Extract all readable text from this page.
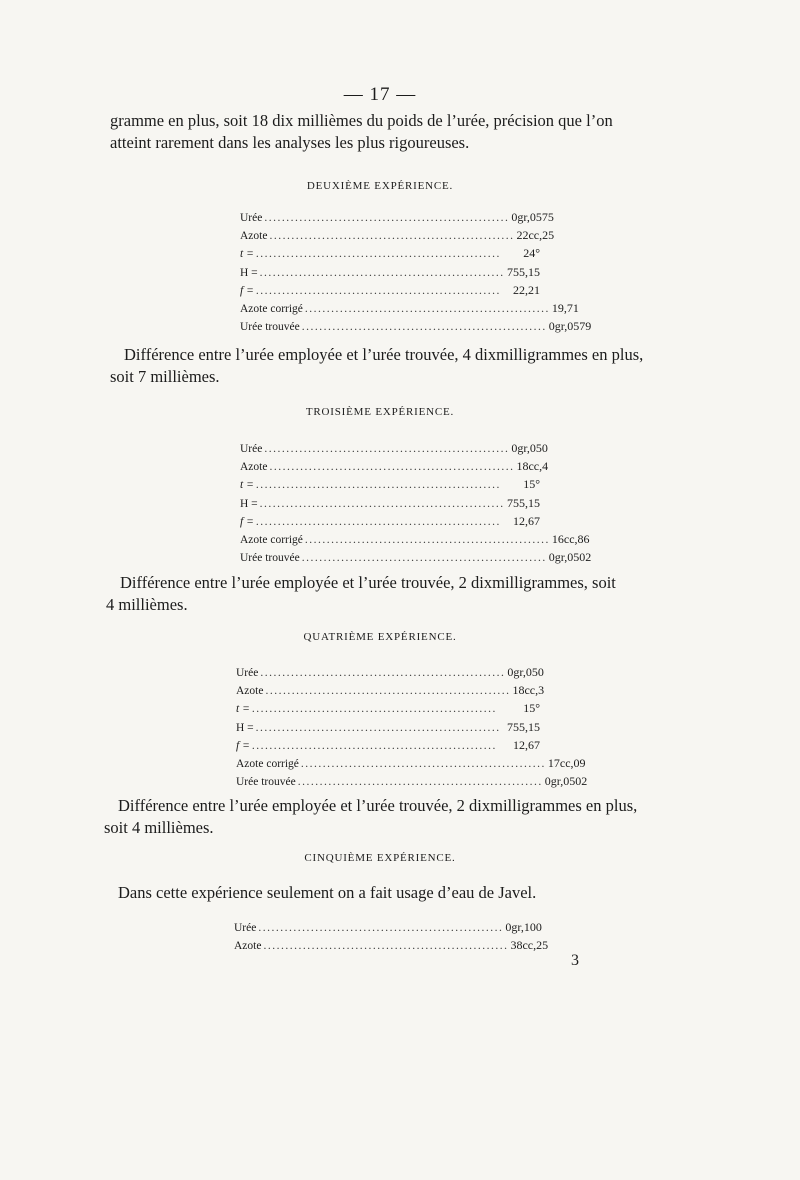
— 17 —

gramme en plus, soit 18 dix millièmes du poids de l’urée, précision que l’on
atteint rarement dans les analyses les plus rigoureuses.

DEUXIÈME EXPÉRIENCE.
Urée ........................................................ 0gr,0575
Azote ........................................................ 22cc,25
t = ........................................................	24°
H = ........................................................ 755,15
f = ........................................................	22,21
Azote corrigé ........................................................ 19,71
Urée trouvée ........................................................ 0gr,0579

Différence entre l’urée employée et l’urée trouvée, 4 dixmilligrammes en plus,
soit 7 millièmes.

TROISIÈME EXPÉRIENCE.
Urée ........................................................ 0gr,050
Azote ........................................................ 18cc,4
t = ........................................................	15°
H = ........................................................ 755,15
f = ........................................................	12,67
Azote corrigé ........................................................ 16cc,86
Urée trouvée ........................................................ 0gr,0502

Différence entre l’urée employée et l’urée trouvée, 2 dixmilligrammes, soit
4 millièmes.

QUATRIÈME EXPÉRIENCE.
Urée ........................................................ 0gr,050
Azote ........................................................ 18cc,3
t = ........................................................	15°
H = ........................................................ 755,15
f = ........................................................	12,67
Azote corrigé ........................................................ 17cc,09
Urée trouvée ........................................................ 0gr,0502

Différence entre l’urée employée et l’urée trouvée, 2 dixmilligrammes en plus,
soit 4 millièmes.

CINQUIÈME EXPÉRIENCE.

Dans cette expérience seulement on a fait usage d’eau de Javel.

Urée ........................................................ 0gr,100
Azote ........................................................ 38cc,25
3
